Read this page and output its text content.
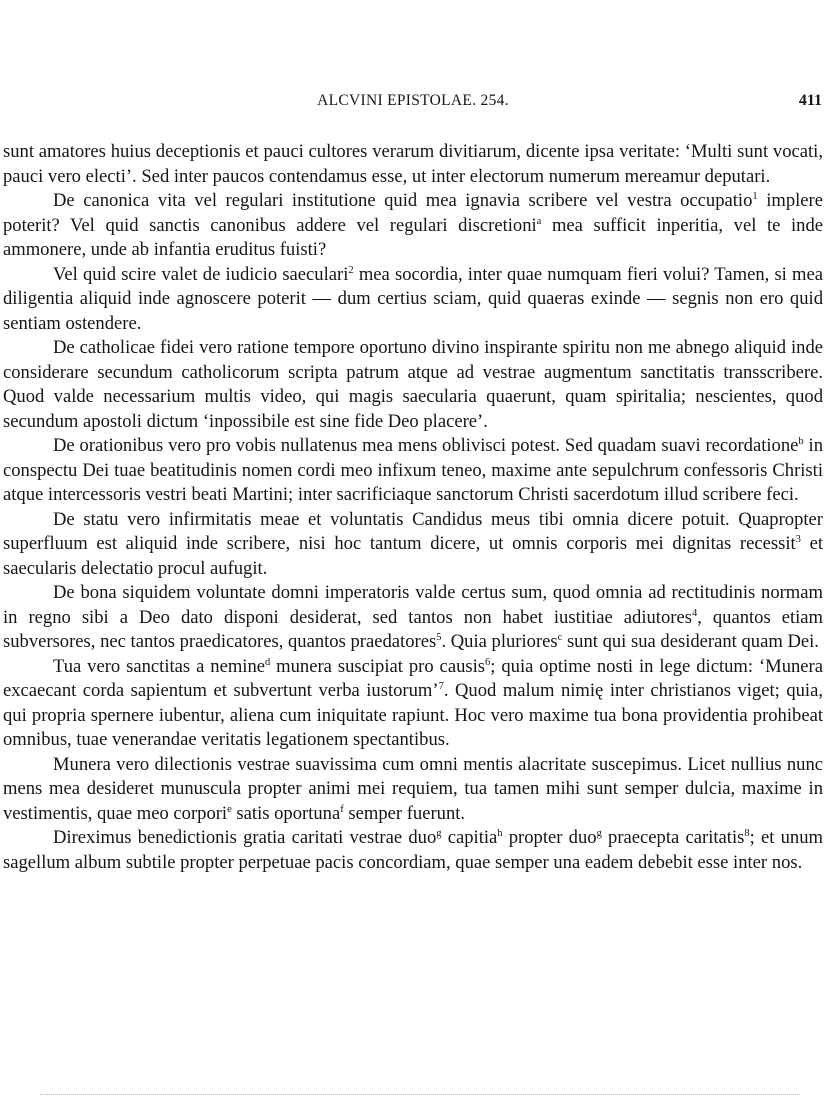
ALCVINI EPISTOLAE. 254.	411

sunt amatores huius deceptionis et pauci cultores verarum divitiarum, dicente ipsa veritate: ‘Multi sunt vocati, pauci vero electi’. Sed inter paucos contendamus esse, ut inter electorum numerum mereamur deputari.

De canonica vita vel regulari institutione quid mea ignavia scribere vel vestra occupatio$^1$ implere poterit? Vel quid sanctis canonibus addere vel regulari discretioni$^a$ mea sufficit inperitia, vel te inde ammonere, unde ab infantia eruditus fuisti?

Vel quid scire valet de iudicio saeculari$^2$ mea socordia, inter quae numquam fieri volui? Tamen, si mea diligentia aliquid inde agnoscere poterit — dum certius sciam, quid quaeras exinde — segnis non ero quid sentiam ostendere.

De catholicae fidei vero ratione tempore oportuno divino inspirante spiritu non me abnego aliquid inde considerare secundum catholicorum scripta patrum atque ad vestrae augmentum sanctitatis transscribere. Quod valde necessarium multis video, qui magis saecularia quaerunt, quam spiritalia; nescientes, quod secundum apostoli dictum ‘inpossibile est sine fide Deo placere’.

De orationibus vero pro vobis nullatenus mea mens oblivisci potest. Sed quadam suavi recordatione$^b$ in conspectu Dei tuae beatitudinis nomen cordi meo infixum teneo, maxime ante sepulchrum confessoris Christi atque intercessoris vestri beati Martini; inter sacrificiaque sanctorum Christi sacerdotum illud scribere feci.

De statu vero infirmitatis meae et voluntatis Candidus meus tibi omnia dicere potuit. Quapropter superfluum est aliquid inde scribere, nisi hoc tantum dicere, ut omnis corporis mei dignitas recessit$^3$ et saecularis delectatio procul aufugit.

De bona siquidem voluntate domni imperatoris valde certus sum, quod omnia ad rectitudinis normam in regno sibi a Deo dato disponi desiderat, sed tantos non habet iustitiae adiutores$^4$, quantos etiam subversores, nec tantos praedicatores, quantos praedatores$^5$. Quia pluriores$^c$ sunt qui sua desiderant quam Dei.

Tua vero sanctitas a nemine$^d$ munera suscipiat pro causis$^6$; quia optime nosti in lege dictum: ‘Munera excaecant corda sapientum et subvertunt verba iustorum’$^7$. Quod malum nimię inter christianos viget; quia, qui propria spernere iubentur, aliena cum iniquitate rapiunt. Hoc vero maxime tua bona providentia prohibeat omnibus, tuae venerandae veritatis legationem spectantibus.

Munera vero dilectionis vestrae suavissima cum omni mentis alacritate suscepimus. Licet nullius nunc mens mea desideret munuscula propter animi mei requiem, tua tamen mihi sunt semper dulcia, maxime in vestimentis, quae meo corpori$^e$ satis oportuna$^f$ semper fuerunt.

Direximus benedictionis gratia caritati vestrae duo$^g$ capitia$^h$ propter duo$^g$ praecepta caritatis$^8$; et unum sagellum album subtile propter perpetuae pacis concordiam, quae semper una eadem debebit esse inter nos.
